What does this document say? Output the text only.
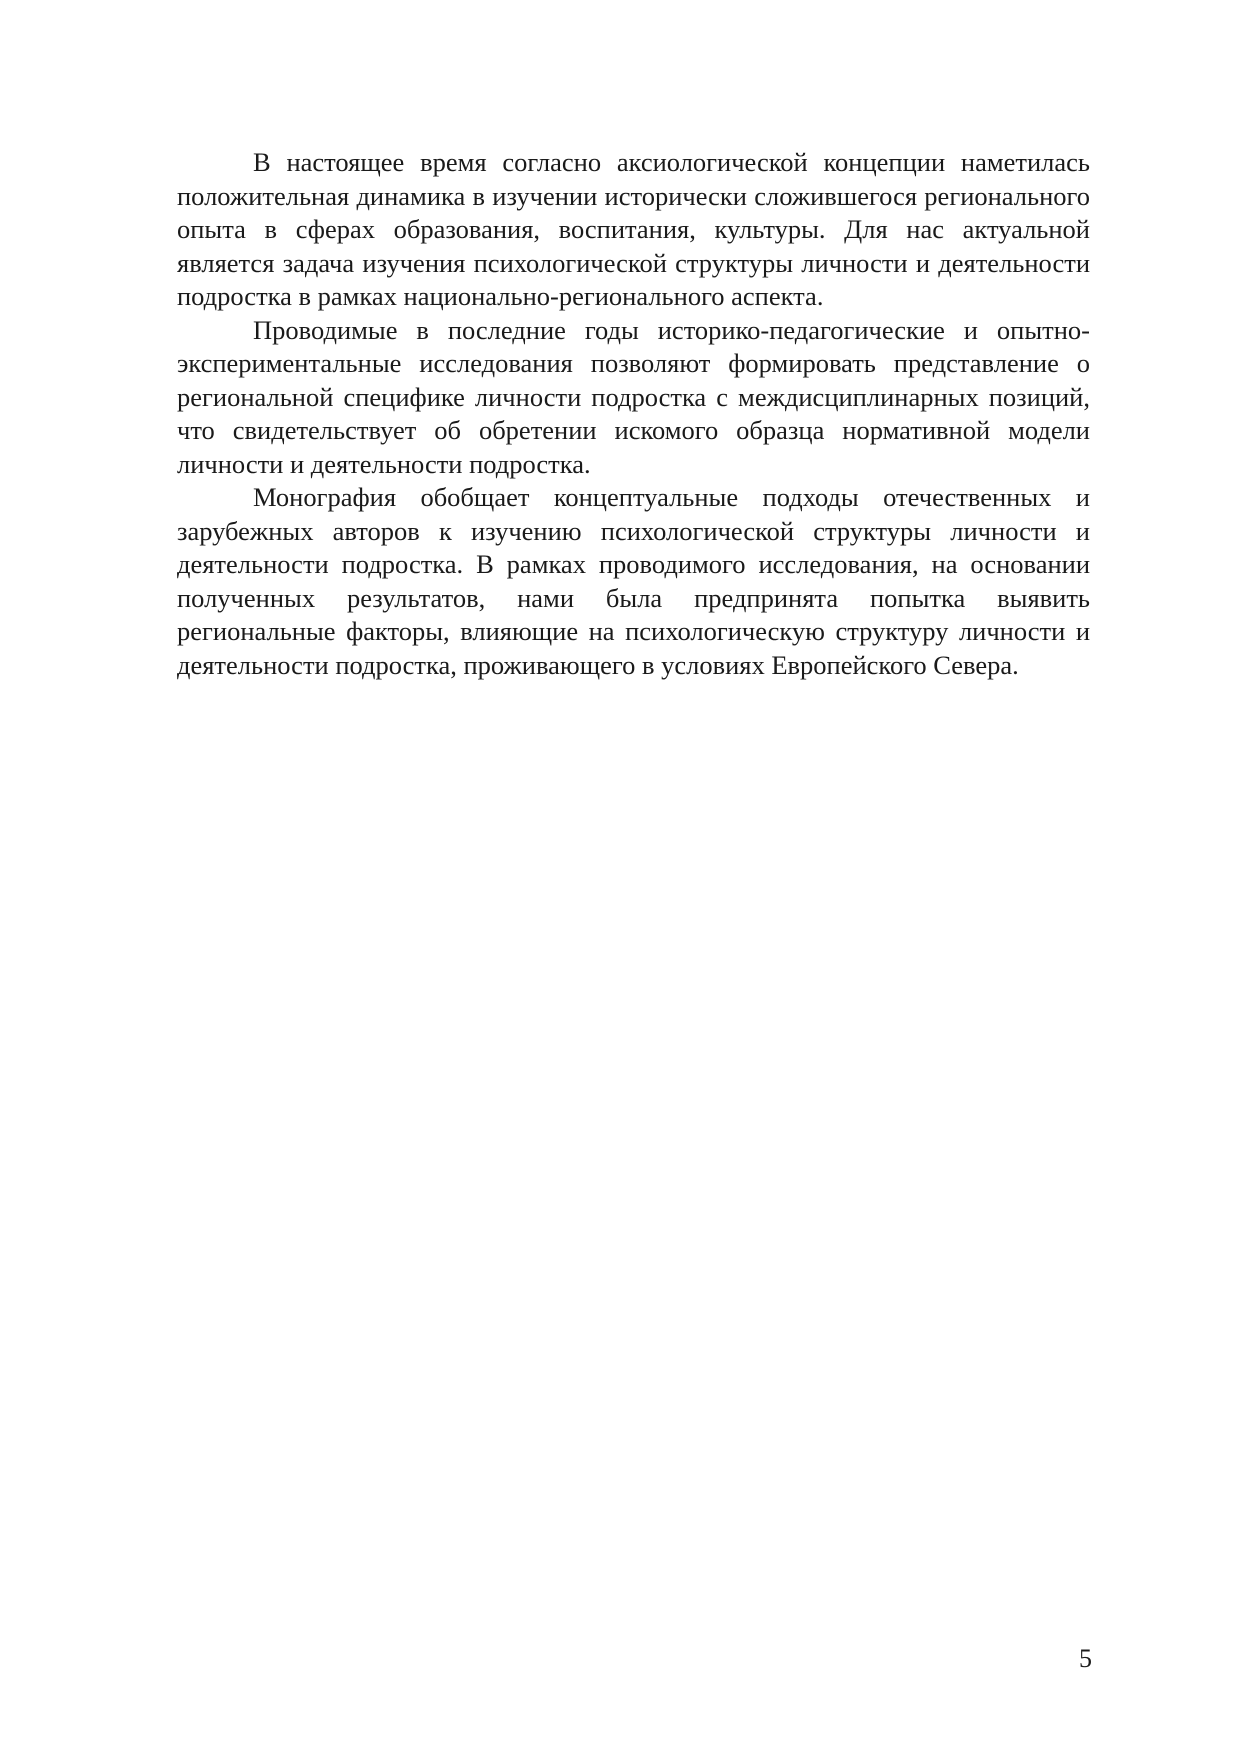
В настоящее время согласно аксиологической концепции наметилась положительная динамика в изучении исторически сложившегося регионального опыта в сферах образования, воспитания, культуры. Для нас актуальной является задача изучения психологической структуры личности и деятельности подростка в рамках национально-регионального аспекта.

Проводимые в последние годы историко-педагогические и опытно-экспериментальные исследования позволяют формировать представление о региональной специфике личности подростка с междисциплинарных позиций, что свидетельствует об обретении искомого образца нормативной модели личности и деятельности подростка.

Монография обобщает концептуальные подходы отечественных и зарубежных авторов к изучению психологической структуры личности и деятельности подростка. В рамках проводимого исследования, на основании полученных результатов, нами была предпринята попытка выявить региональные факторы, влияющие на психологическую структуру личности и деятельности подростка, проживающего в условиях Европейского Севера.

5
